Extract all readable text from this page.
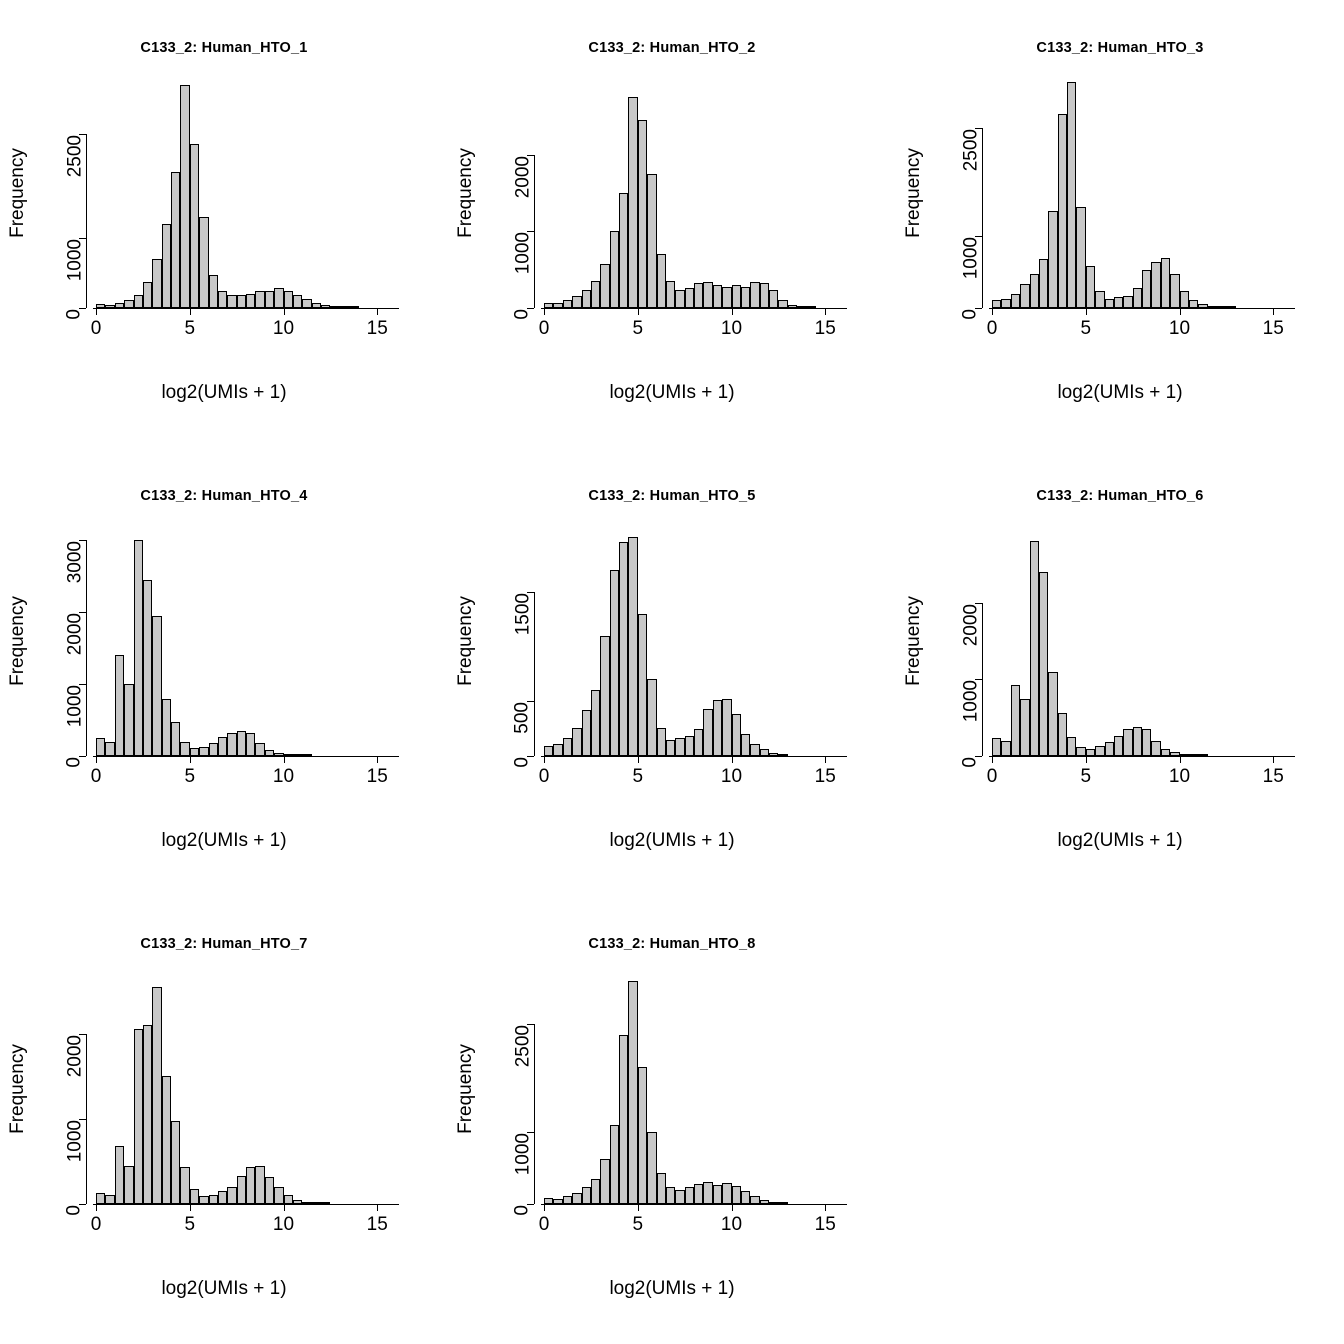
C133_2: Human_HTO_1
0	5	10	15
0
1000
2500
Frequency
log2(UMIs + 1)
C133_2: Human_HTO_2
0	5	10	15
0
1000
2000
Frequency
log2(UMIs + 1)
C133_2: Human_HTO_3
0	5	10	15
0
1000
2500
Frequency
log2(UMIs + 1)
C133_2: Human_HTO_4
0	5	10	15
0
1000
2000
3000
Frequency
log2(UMIs + 1)
C133_2: Human_HTO_5
0	5	10	15
0
500
1500
Frequency
log2(UMIs + 1)
C133_2: Human_HTO_6
0	5	10	15
0
1000
2000
Frequency
log2(UMIs + 1)
C133_2: Human_HTO_7
0	5	10	15
0
1000
2000
Frequency
log2(UMIs + 1)
C133_2: Human_HTO_8
0	5	10	15
0
1000
2500
Frequency
log2(UMIs + 1)
